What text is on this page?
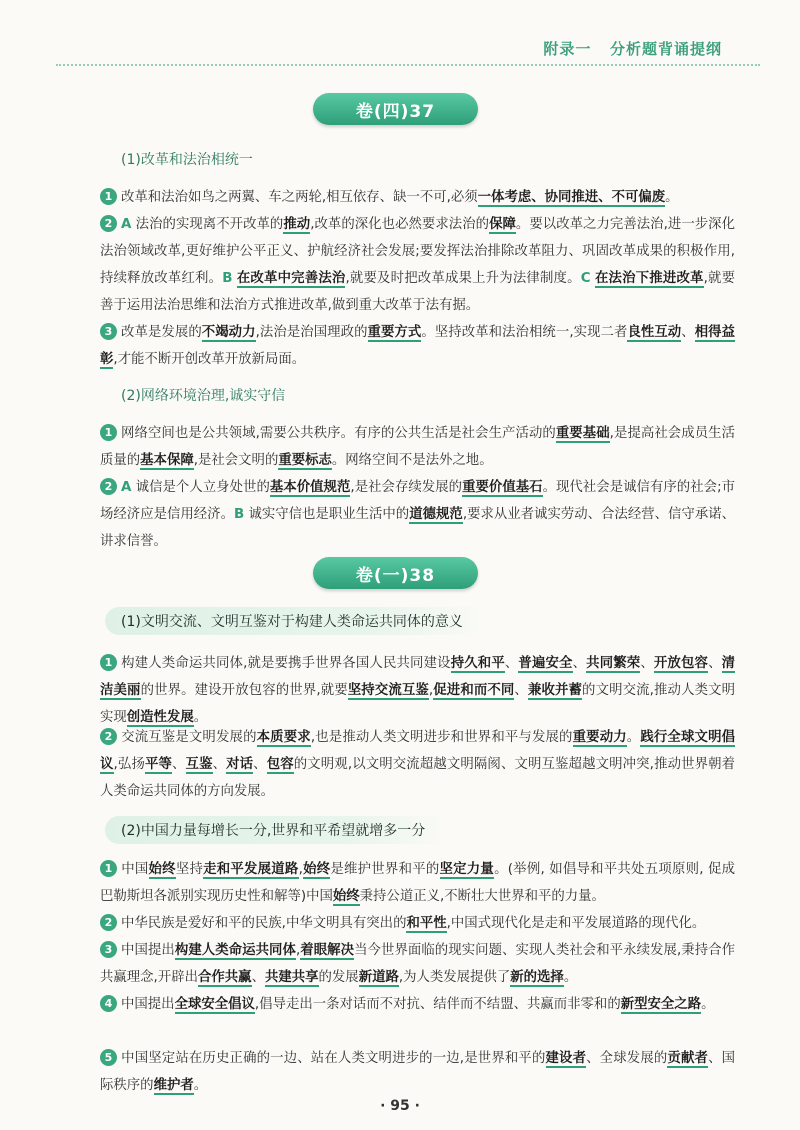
附录一   分析题背诵提纲
卷(四)37
(1)改革和法治相统一
1 改革和法治如鸟之两翼、车之两轮,相互依存、缺一不可,必须一体考虑、协同推进、不可偏废。
2 A 法治的实现离不开改革的推动,改革的深化也必然要求法治的保障。要以改革之力完善法治,进一步深化法治领域改革,更好维护公平正义、护航经济社会发展;要发挥法治排除改革阻力、巩固改革成果的积极作用,持续释放改革红利。B 在改革中完善法治,就要及时把改革成果上升为法律制度。C 在法治下推进改革,就要善于运用法治思维和法治方式推进改革,做到重大改革于法有据。
3 改革是发展的不竭动力,法治是治国理政的重要方式。坚持改革和法治相统一,实现二者良性互动、相得益彰,才能不断开创改革开放新局面。
(2)网络环境治理,诚实守信
1 网络空间也是公共领域,需要公共秩序。有序的公共生活是社会生产活动的重要基础,是提高社会成员生活质量的基本保障,是社会文明的重要标志。网络空间不是法外之地。
2 A 诚信是个人立身处世的基本价值规范,是社会存续发展的重要价值基石。现代社会是诚信有序的社会;市场经济应是信用经济。B 诚实守信也是职业生活中的道德规范,要求从业者诚实劳动、合法经营、信守承诺、讲求信誉。
卷(一)38
(1)文明交流、文明互鉴对于构建人类命运共同体的意义
1 构建人类命运共同体,就是要携手世界各国人民共同建设持久和平、普遍安全、共同繁荣、开放包容、清洁美丽的世界。建设开放包容的世界,就要坚持交流互鉴,促进和而不同、兼收并蓄的文明交流,推动人类文明实现创造性发展。
2 交流互鉴是文明发展的本质要求,也是推动人类文明进步和世界和平与发展的重要动力。践行全球文明倡议,弘扬平等、互鉴、对话、包容的文明观,以文明交流超越文明隔阂、文明互鉴超越文明冲突,推动世界朝着人类命运共同体的方向发展。
(2)中国力量每增长一分,世界和平希望就增多一分
1 中国始终坚持走和平发展道路,始终是维护世界和平的坚定力量。(举例, 如倡导和平共处五项原则, 促成巴勒斯坦各派别实现历史性和解等)中国始终秉持公道正义,不断壮大世界和平的力量。
2 中华民族是爱好和平的民族,中华文明具有突出的和平性,中国式现代化是走和平发展道路的现代化。
3 中国提出构建人类命运共同体,着眼解决当今世界面临的现实问题、实现人类社会和平永续发展,秉持合作共赢理念,开辟出合作共赢、共建共享的发展新道路,为人类发展提供了新的选择。
4 中国提出全球安全倡议,倡导走出一条对话而不对抗、结伴而不结盟、共赢而非零和的新型安全之路。
5 中国坚定站在历史正确的一边、站在人类文明进步的一边,是世界和平的建设者、全球发展的贡献者、国际秩序的维护者。
· 95 ·
